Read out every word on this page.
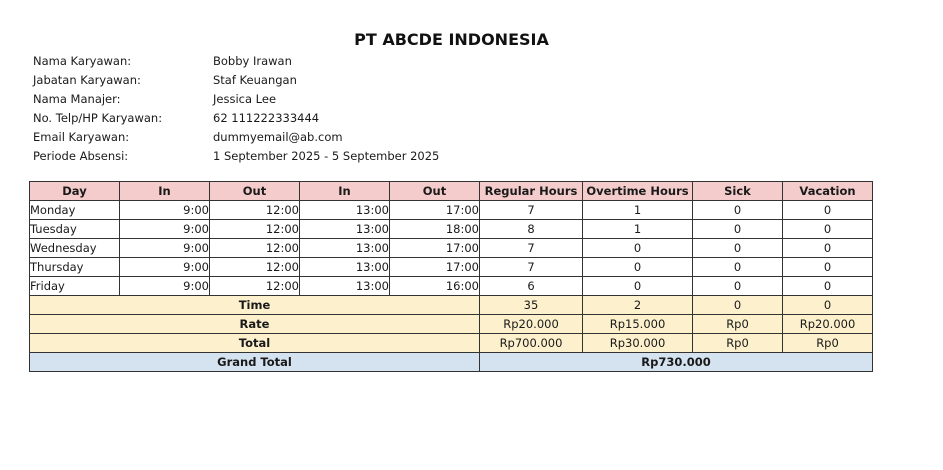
PT ABCDE INDONESIA
Nama Karyawan:	Bobby Irawan
Jabatan Karyawan:	Staf Keuangan
Nama Manajer:	Jessica Lee
No. Telp/HP Karyawan:	62 111222333444
Email Karyawan:	dummyemail@ab.com
Periode Absensi:	1 September 2025 - 5 September 2025
Day	In	Out	In	Out	Regular Hours	Overtime Hours	Sick	Vacation
Monday	9:00	12:00	13:00	17:00	7	1	0	0
Tuesday	9:00	12:00	13:00	18:00	8	1	0	0
Wednesday	9:00	12:00	13:00	17:00	7	0	0	0
Thursday	9:00	12:00	13:00	17:00	7	0	0	0
Friday	9:00	12:00	13:00	16:00	6	0	0	0
Time					35	2	0	0
Rate					Rp20.000	Rp15.000	Rp0	Rp20.000
Total					Rp700.000	Rp30.000	Rp0	Rp0
Grand Total					Rp730.000			
